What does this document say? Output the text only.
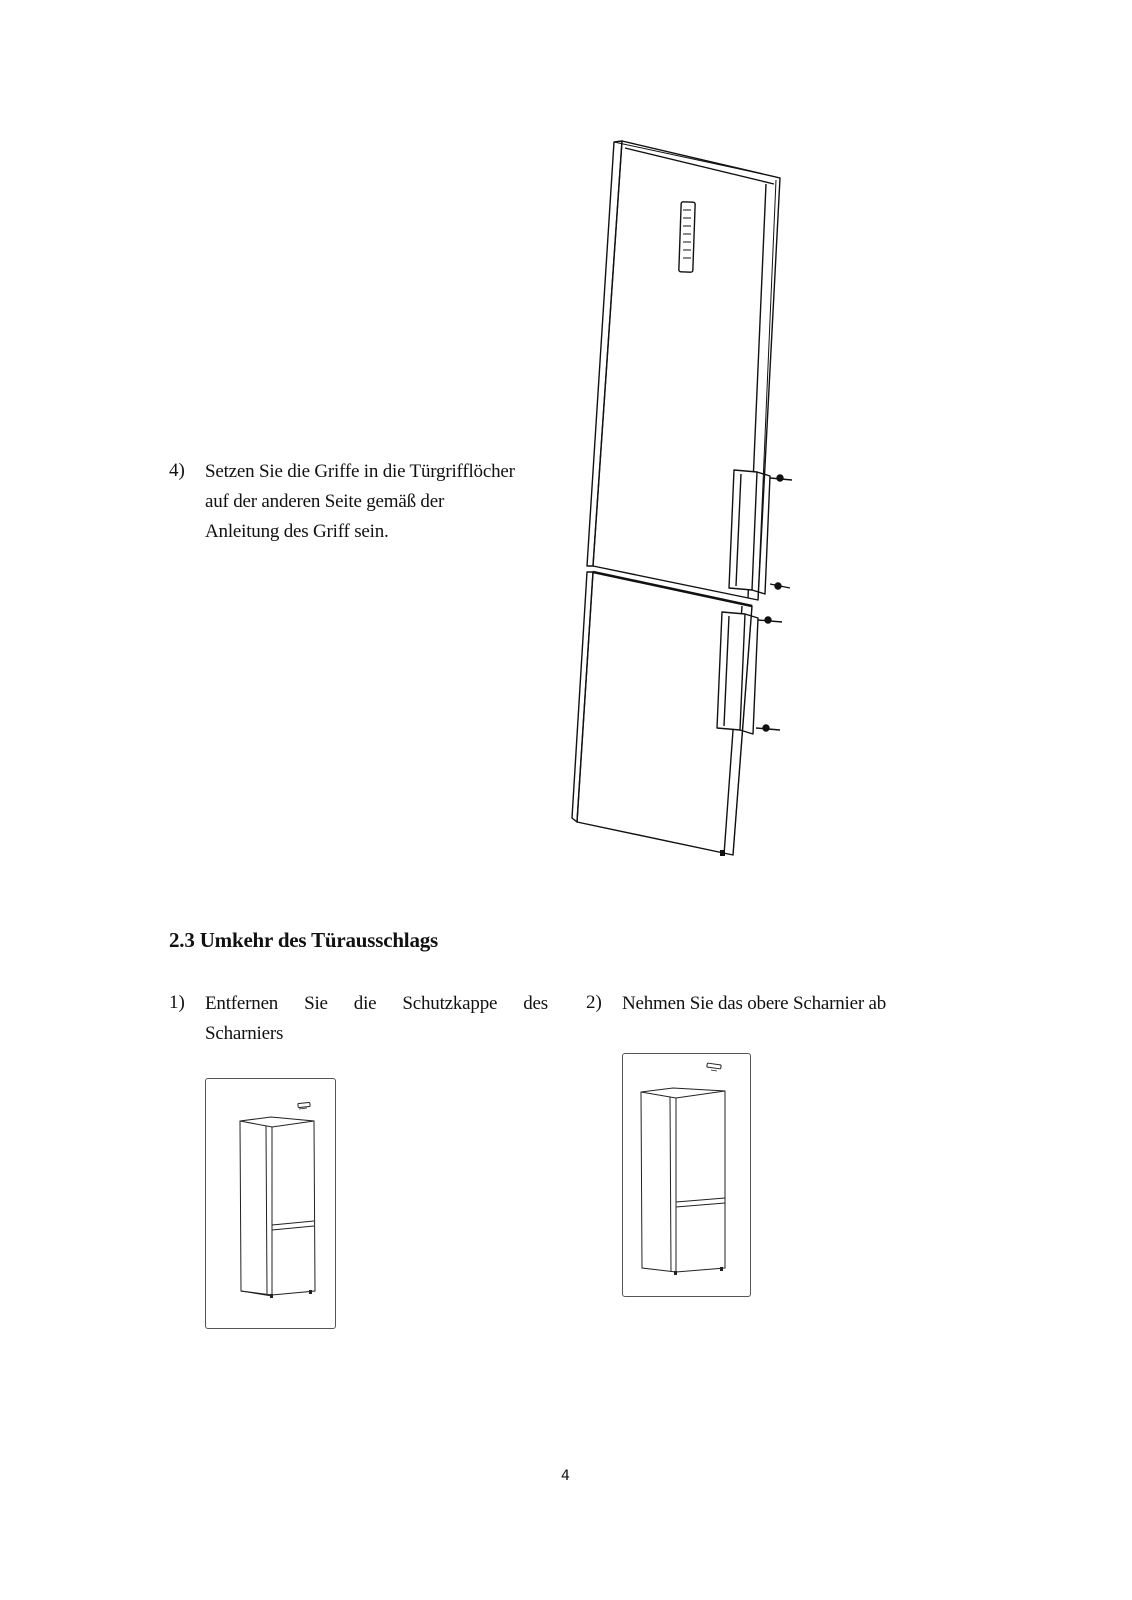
4) Setzen Sie die Griffe in die Türgrifflöcher
auf der anderen Seite gemäß der
Anleitung des Griff sein.
2.3 Umkehr des Türausschlags
1) Entfernen Sie die Schutzkappe des
Scharniers
2) Nehmen Sie das obere Scharnier ab
4
